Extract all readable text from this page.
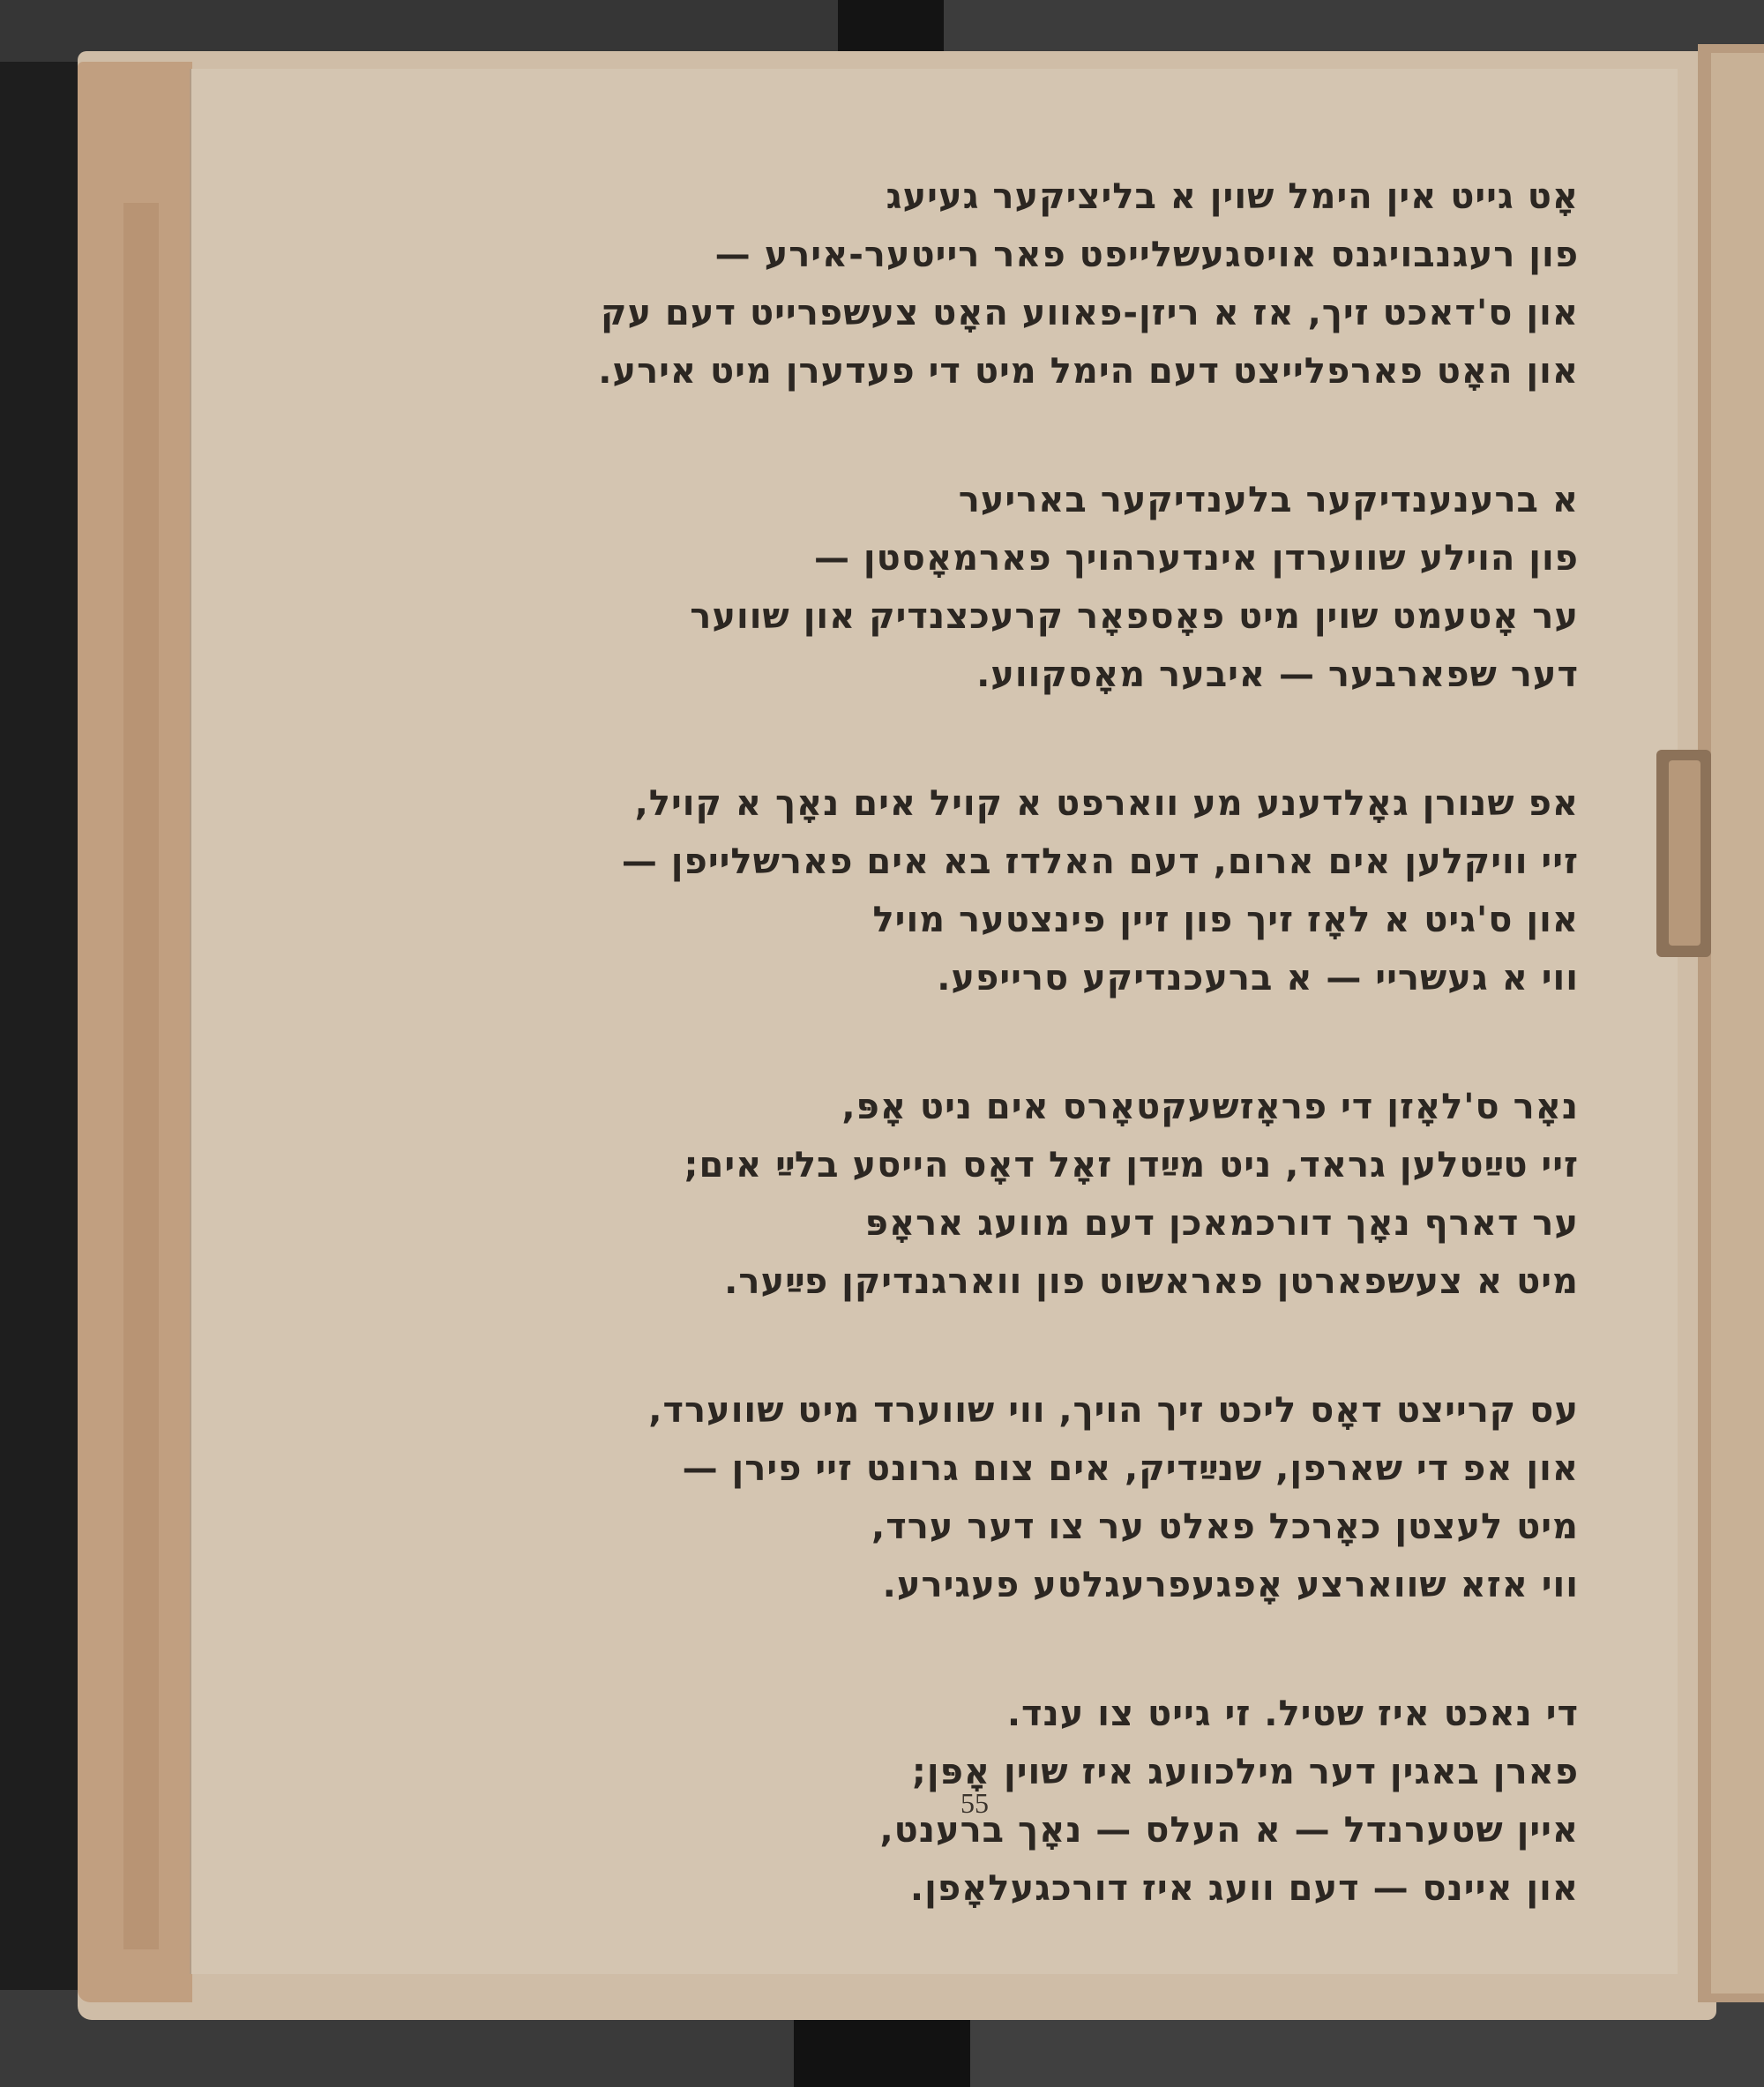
אָט גייט אין הימל שוין א בליציקער געיעג
פון רעגנבויגנס אויסגעשלייפט פאר רייטער-אירע —
און ס'דאכט זיך, אז א ריזן-פאווע האָט צעשפרייט דעם עק
און האָט פארפלייצט דעם הימל מיט די פעדערן מיט אירע.
א ברענענדיקער בלענדיקער באריער
פון הוילע שווערדן אינדערהויך פארמאָסטן —
ער אָטעמט שוין מיט פאָספאָר קרעכצנדיק און שווער
דער שפארבער — איבער מאָסקווע.
אפ שנורן גאָלדענע מע ווארפט א קויל אים נאָך א קויל,
זיי וויקלען אים ארום, דעם האלדז בא אים פארשלייפן —
און ס'גיט א לאָז זיך פון זיין פינצטער מויל
ווי א געשריי — א ברעכנדיקע סרייפע.
נאָר ס'לאָזן די פראָזשעקטאָרס אים ניט אָפּ,
זיי טײַטלען גראד, ניט מײַדן זאָל דאָס הייסע בלײַ אים;
ער דארף נאָך דורכמאכן דעם מוועג אראָפּ
מיט א צעשפארטן פאראשוט פון ווארגנדיקן פײַער.
עס קרייצט דאָס ליכט זיך הויך, ווי שווערד מיט שווערד,
און אפ די שארפן, שנײַדיק, אים צום גרונט זיי פירן —
מיט לעצטן כאָרכל פאלט ער צו דער ערד,
ווי אזא שווארצע אָפגעפרעגלטע פעגירע.
די נאכט איז שטיל. זי גייט צו ענד.
פארן באגין דער מילכוועג איז שוין אָפּן;
איין שטערנדל — א העלס — נאָך ברענט,
און איינס — דעם וועג איז דורכגעלאָפן.
55
